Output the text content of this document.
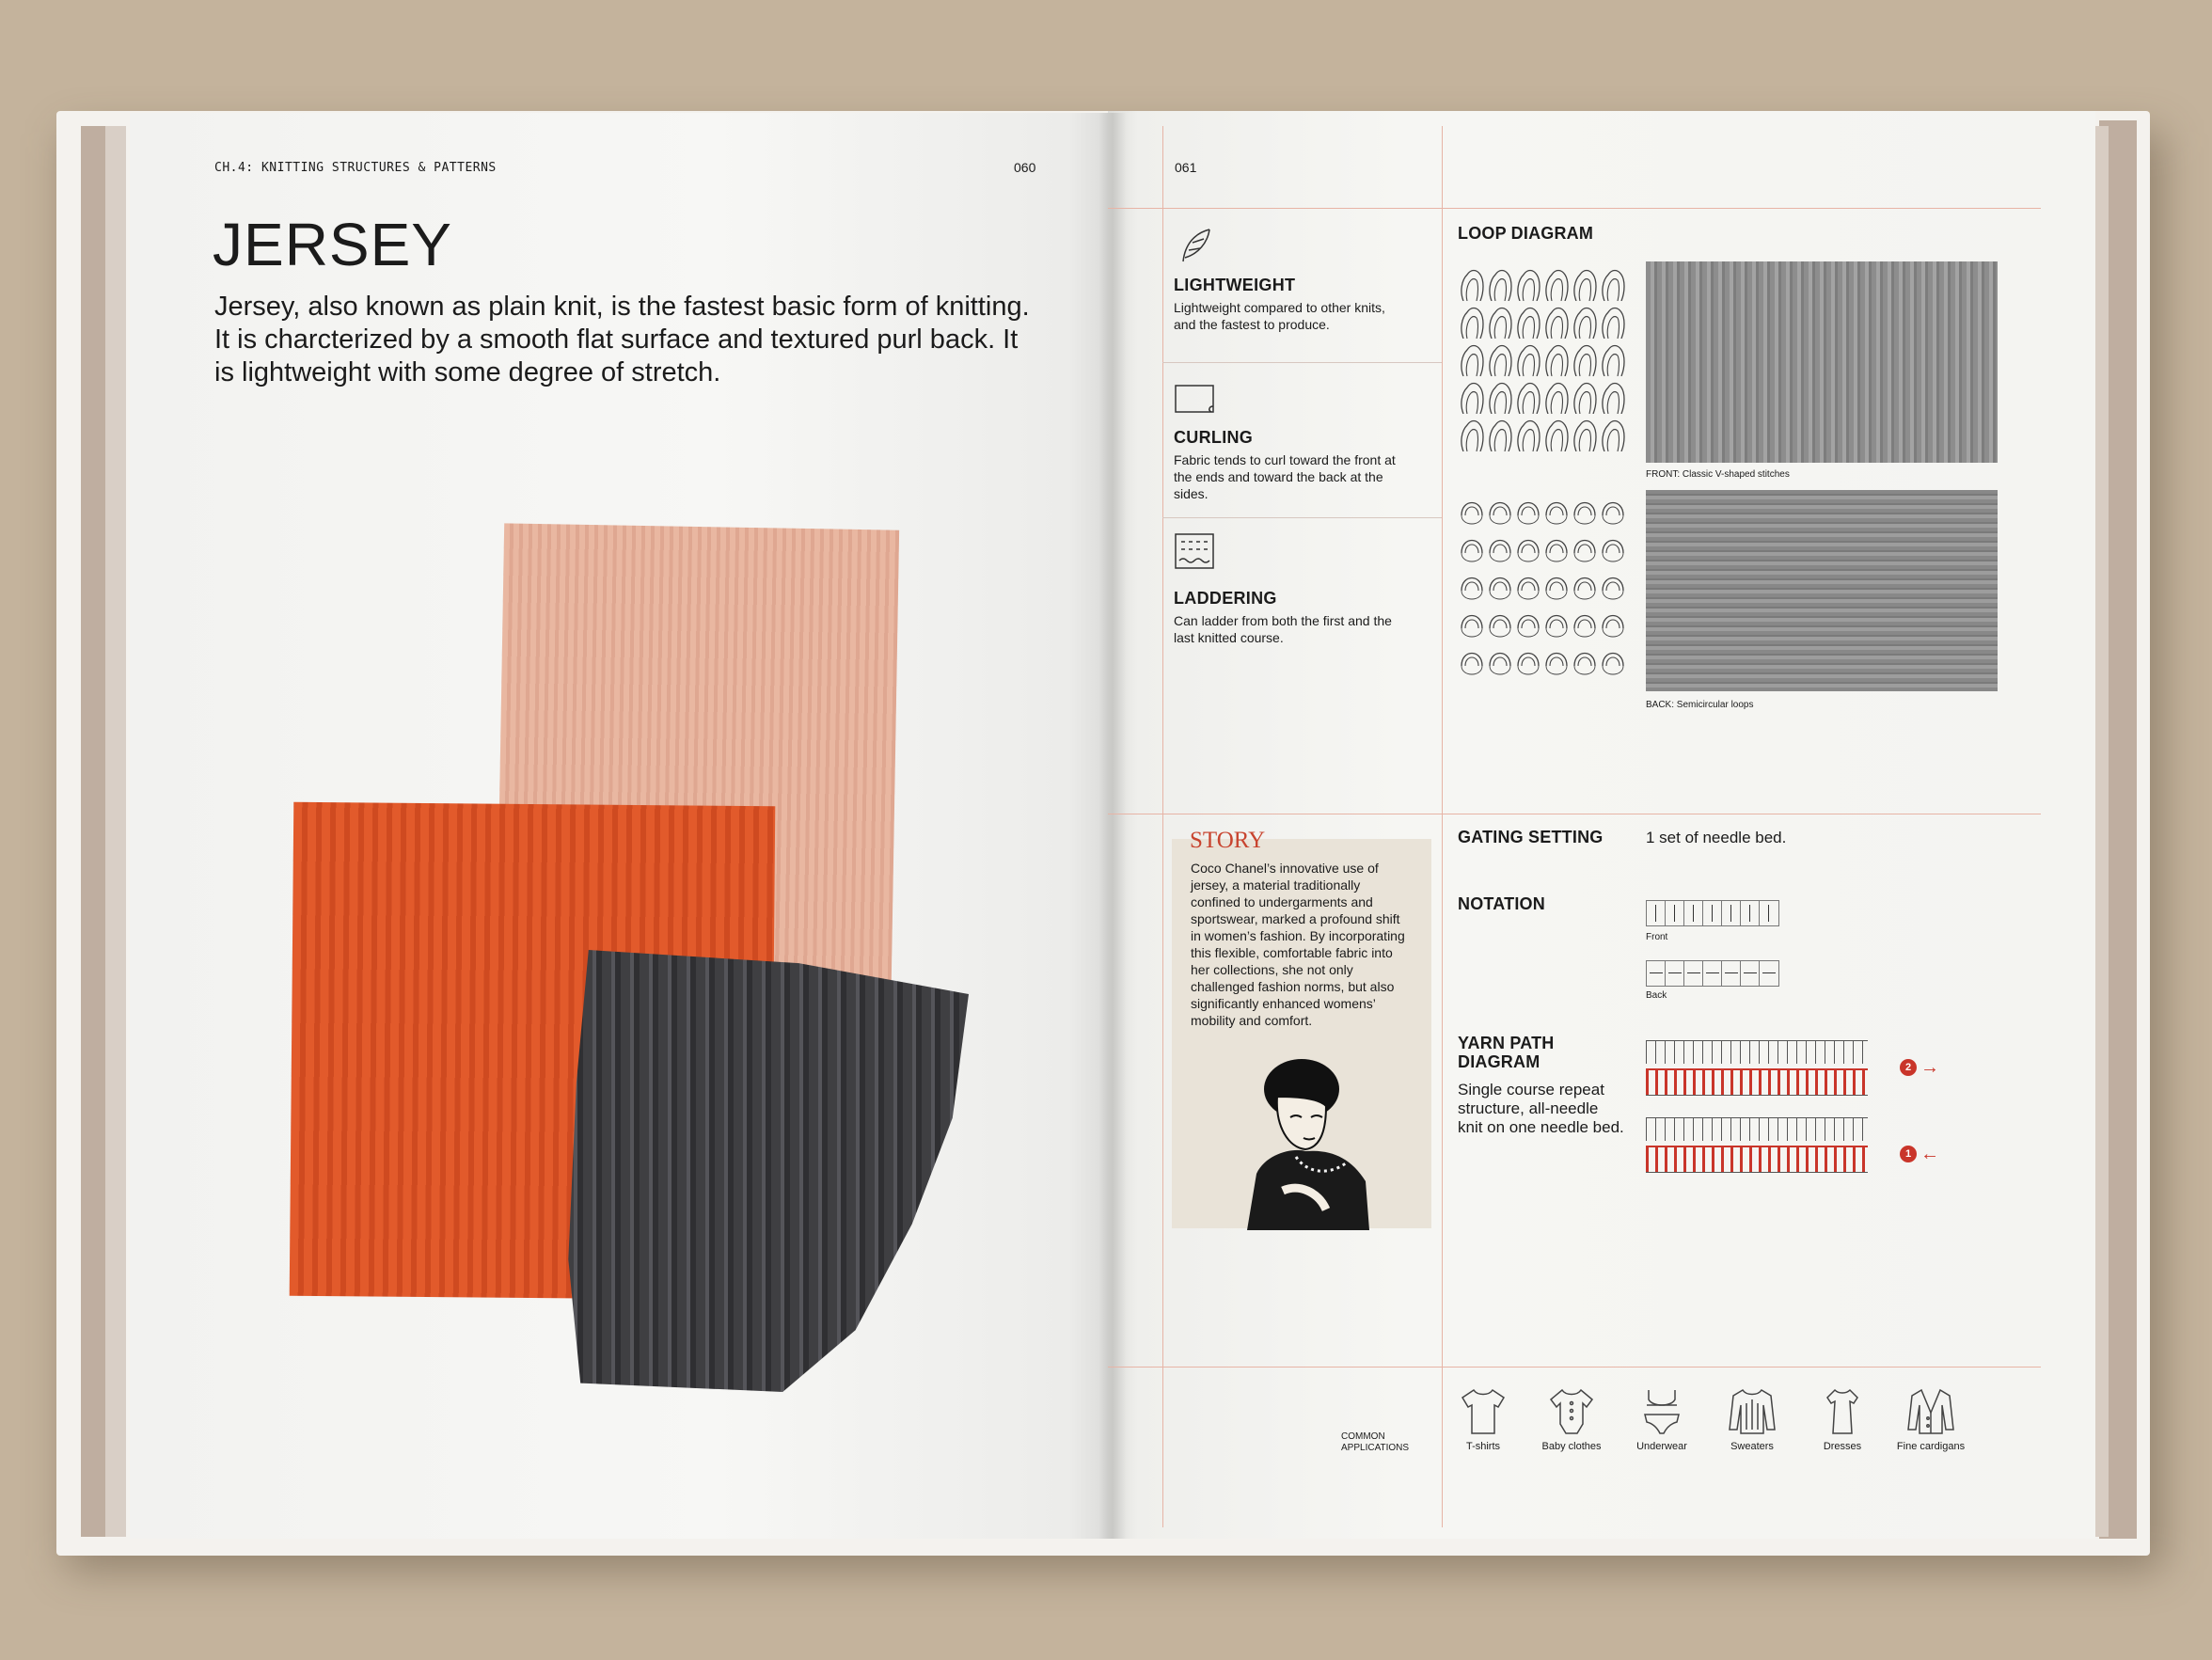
CH.4: KNITTING STRUCTURES & PATTERNS	060
JERSEY

Jersey, also known as plain knit, is the fastest basic form of knitting. It is charcterized by a smooth flat surface and textured purl back. It is lightweight with some degree of stretch.

061
LIGHTWEIGHT
Lightweight compared to other knits, and the fastest to produce.
CURLING
Fabric tends to curl toward the front at the ends and toward the back at the sides.
LADDERING
Can ladder from both the first and the last knitted course.
LOOP DIAGRAM
FRONT: Classic V-shaped stitches
BACK: Semicircular loops
STORY
Coco Chanel’s innovative use of jersey, a material traditionally confined to undergarments and sportswear, marked a profound shift in women’s fashion. By incorporating this flexible, comfortable fabric into her collections, she not only challenged fashion norms, but also significantly enhanced womens’ mobility and comfort.
GATING SETTING	1 set of needle bed.
NOTATION
Front
Back
YARN PATH DIAGRAM
Single course repeat structure, all-needle knit on one needle bed.
2 →
1 ←
COMMON APPLICATIONS	T-shirts	Baby clothes	Underwear	Sweaters	Dresses	Fine cardigans
